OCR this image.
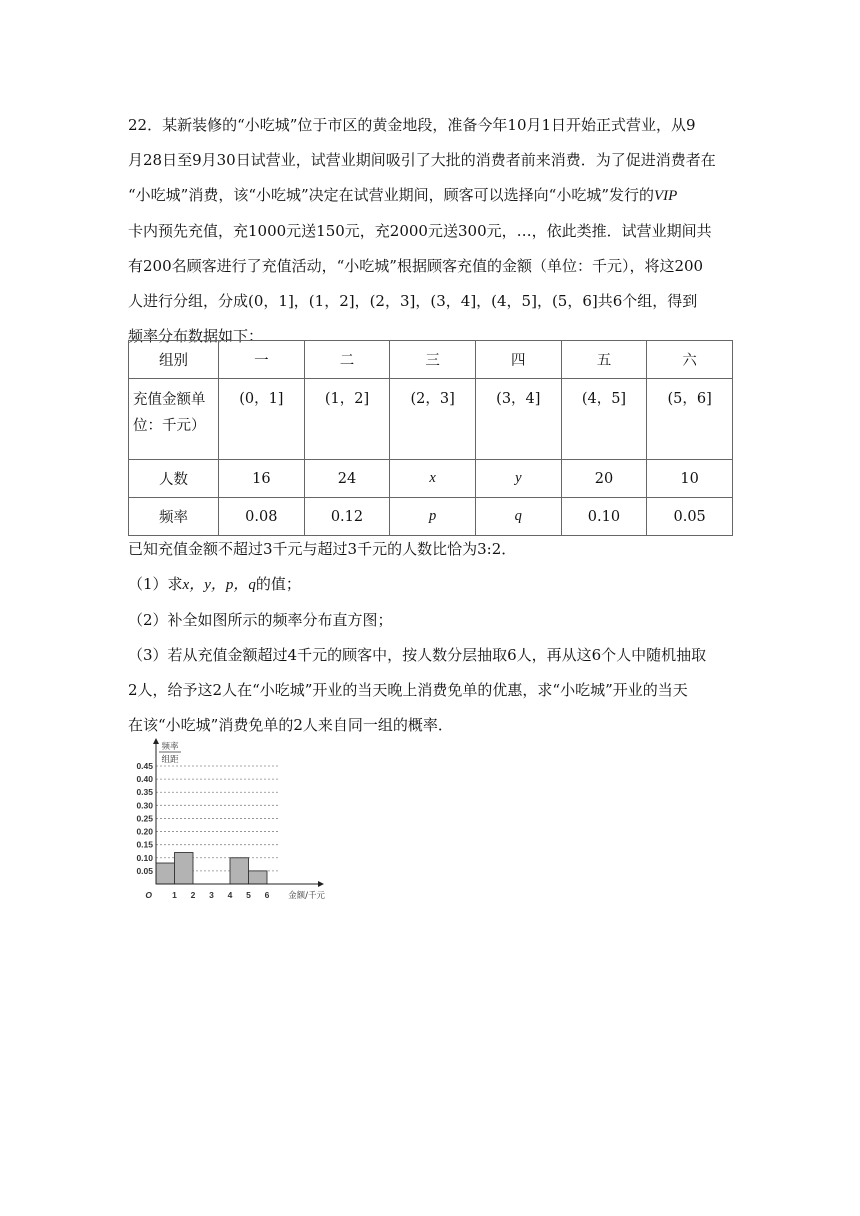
22．某新装修的“小吃城”位于市区的黄金地段，准备今年10月1日开始正式营业，从9

月28日至9月30日试营业，试营业期间吸引了大批的消费者前来消费．为了促进消费者在

“小吃城”消费，该“小吃城”决定在试营业期间，顾客可以选择向“小吃城”发行的VIP

卡内预先充值，充1000元送150元，充2000元送300元，…，依此类推．试营业期间共

有200名顾客进行了充值活动，“小吃城”根据顾客充值的金额（单位：千元），将这200

人进行分组，分成(0，1]，(1，2]，(2，3]，(3，4]，(4，5]，(5，6]共6个组，得到

频率分布数据如下：

组别	一	二	三	四	五	六
充值金额单
位：千元）	(0，1]	(1，2]	(2，3]	(3，4]	(4，5]	(5，6]
人数	16	24	x	y	20	10
频率	0.08	0.12	p	q	0.10	0.05

已知充值金额不超过3千元与超过3千元的人数比恰为3:2．

（1）求x，y，p，q的值；

（2）补全如图所示的频率分布直方图；

（3）若从充值金额超过4千元的顾客中，按人数分层抽取6人，再从这6个人中随机抽取

2人，给予这2人在“小吃城”开业的当天晚上消费免单的优惠，求“小吃城”开业的当天

在该“小吃城”消费免单的2人来自同一组的概率．

0.05
0.10
0.15
0.20
0.25
0.30
0.35
0.40
0.45
1 2 3 4 5 6
O
频率
组距
金额/千元
